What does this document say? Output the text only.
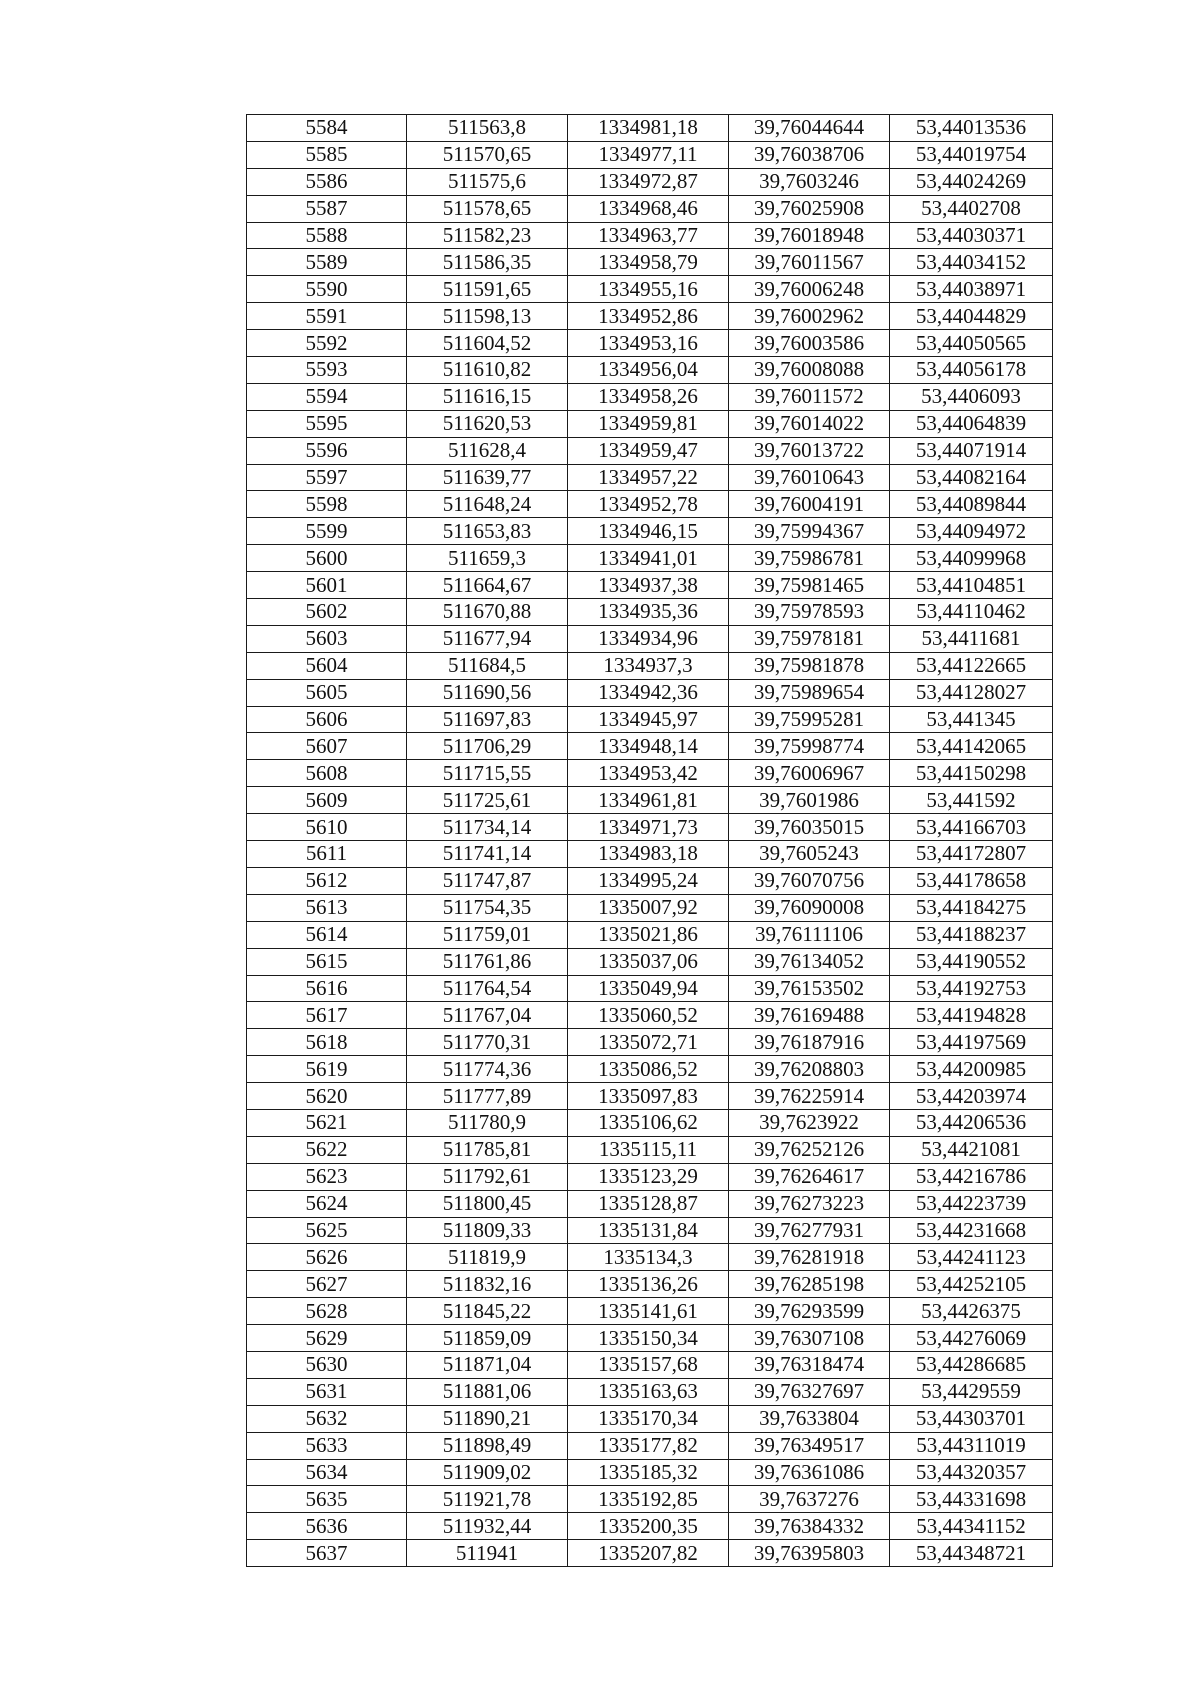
5584	511563,8	1334981,18	39,76044644	53,44013536
5585	511570,65	1334977,11	39,76038706	53,44019754
5586	511575,6	1334972,87	39,7603246	53,44024269
5587	511578,65	1334968,46	39,76025908	53,4402708
5588	511582,23	1334963,77	39,76018948	53,44030371
5589	511586,35	1334958,79	39,76011567	53,44034152
5590	511591,65	1334955,16	39,76006248	53,44038971
5591	511598,13	1334952,86	39,76002962	53,44044829
5592	511604,52	1334953,16	39,76003586	53,44050565
5593	511610,82	1334956,04	39,76008088	53,44056178
5594	511616,15	1334958,26	39,76011572	53,4406093
5595	511620,53	1334959,81	39,76014022	53,44064839
5596	511628,4	1334959,47	39,76013722	53,44071914
5597	511639,77	1334957,22	39,76010643	53,44082164
5598	511648,24	1334952,78	39,76004191	53,44089844
5599	511653,83	1334946,15	39,75994367	53,44094972
5600	511659,3	1334941,01	39,75986781	53,44099968
5601	511664,67	1334937,38	39,75981465	53,44104851
5602	511670,88	1334935,36	39,75978593	53,44110462
5603	511677,94	1334934,96	39,75978181	53,4411681
5604	511684,5	1334937,3	39,75981878	53,44122665
5605	511690,56	1334942,36	39,75989654	53,44128027
5606	511697,83	1334945,97	39,75995281	53,441345
5607	511706,29	1334948,14	39,75998774	53,44142065
5608	511715,55	1334953,42	39,76006967	53,44150298
5609	511725,61	1334961,81	39,7601986	53,441592
5610	511734,14	1334971,73	39,76035015	53,44166703
5611	511741,14	1334983,18	39,7605243	53,44172807
5612	511747,87	1334995,24	39,76070756	53,44178658
5613	511754,35	1335007,92	39,76090008	53,44184275
5614	511759,01	1335021,86	39,76111106	53,44188237
5615	511761,86	1335037,06	39,76134052	53,44190552
5616	511764,54	1335049,94	39,76153502	53,44192753
5617	511767,04	1335060,52	39,76169488	53,44194828
5618	511770,31	1335072,71	39,76187916	53,44197569
5619	511774,36	1335086,52	39,76208803	53,44200985
5620	511777,89	1335097,83	39,76225914	53,44203974
5621	511780,9	1335106,62	39,7623922	53,44206536
5622	511785,81	1335115,11	39,76252126	53,4421081
5623	511792,61	1335123,29	39,76264617	53,44216786
5624	511800,45	1335128,87	39,76273223	53,44223739
5625	511809,33	1335131,84	39,76277931	53,44231668
5626	511819,9	1335134,3	39,76281918	53,44241123
5627	511832,16	1335136,26	39,76285198	53,44252105
5628	511845,22	1335141,61	39,76293599	53,4426375
5629	511859,09	1335150,34	39,76307108	53,44276069
5630	511871,04	1335157,68	39,76318474	53,44286685
5631	511881,06	1335163,63	39,76327697	53,4429559
5632	511890,21	1335170,34	39,7633804	53,44303701
5633	511898,49	1335177,82	39,76349517	53,44311019
5634	511909,02	1335185,32	39,76361086	53,44320357
5635	511921,78	1335192,85	39,7637276	53,44331698
5636	511932,44	1335200,35	39,76384332	53,44341152
5637	511941	1335207,82	39,76395803	53,44348721
